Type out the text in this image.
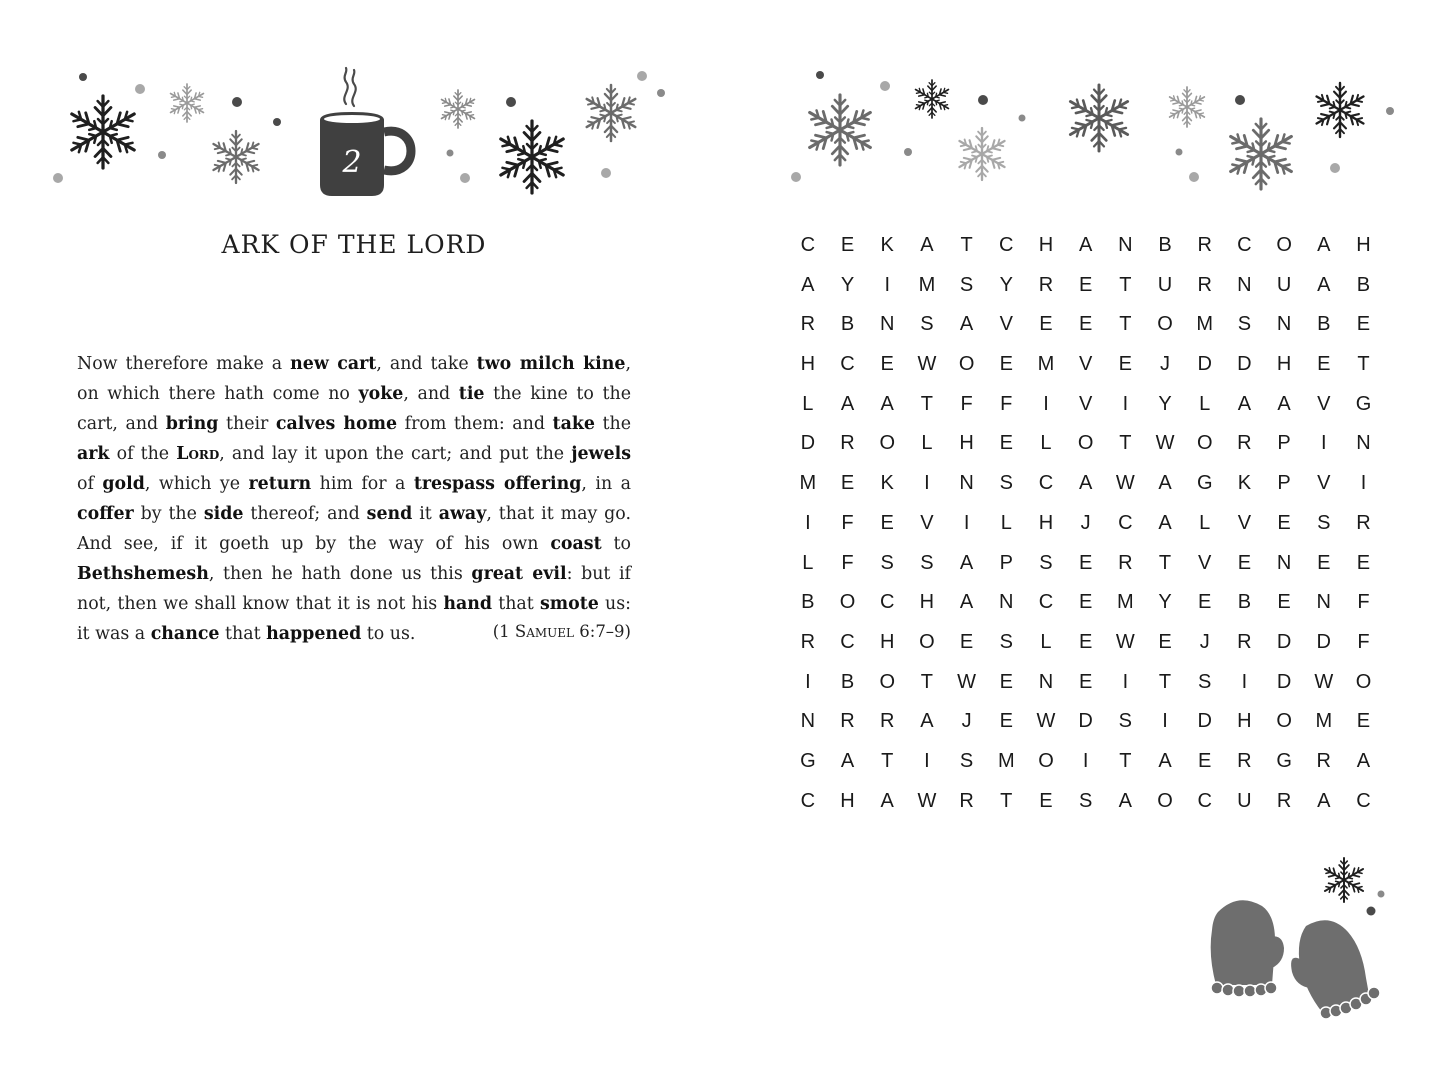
2
ARK OF THE LORD
Now therefore make a new cart, and take two milch kine, on which there hath come no yoke, and tie the kine to the cart, and bring their calves home from them: and take the ark of the Lord, and lay it upon the cart; and put the jewels of gold, which ye return him for a trespass offering, in a coffer by the side thereof; and send it away, that it may go. And see, if it goeth up by the way of his own coast to Bethshemesh, then he hath done us this great evil: but if not, then we shall know that it is not his hand that smote us: it was a chance that happened to us.	(1 Samuel 6:7–9)
C	E	K	A	T	C	H	A	N	B	R	C	O	A	H
A	Y	I	M	S	Y	R	E	T	U	R	N	U	A	B
R	B	N	S	A	V	E	E	T	O	M	S	N	B	E
H	C	E	W	O	E	M	V	E	J	D	D	H	E	T
L	A	A	T	F	F	I	V	I	Y	L	A	A	V	G
D	R	O	L	H	E	L	O	T	W	O	R	P	I	N
M	E	K	I	N	S	C	A	W	A	G	K	P	V	I
I	F	E	V	I	L	H	J	C	A	L	V	E	S	R
L	F	S	S	A	P	S	E	R	T	V	E	N	E	E
B	O	C	H	A	N	C	E	M	Y	E	B	E	N	F
R	C	H	O	E	S	L	E	W	E	J	R	D	D	F
I	B	O	T	W	E	N	E	I	T	S	I	D	W	O
N	R	R	A	J	E	W	D	S	I	D	H	O	M	E
G	A	T	I	S	M	O	I	T	A	E	R	G	R	A
C	H	A	W	R	T	E	S	A	O	C	U	R	A	C
